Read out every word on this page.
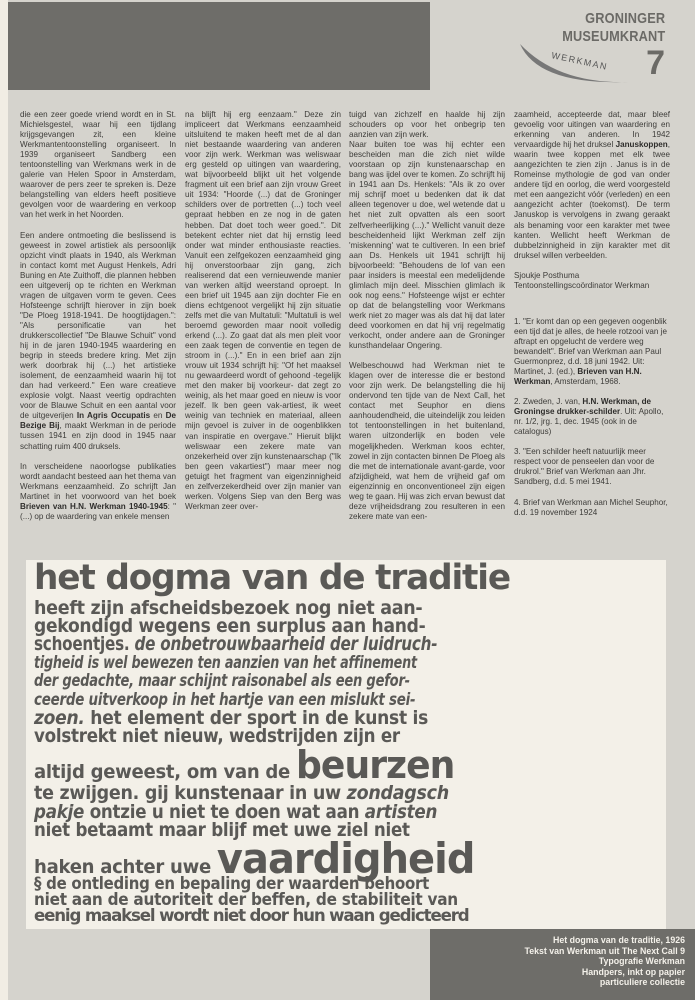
GRONINGER
MUSEUMKRANT
7
WERKMAN

die een zeer goede vriend wordt en in St. Michielsgestel, waar hij een tijdlang krijgsgevangen zit, een kleine Werkmantentoonstelling organiseert. In 1939 organiseert Sandberg een tentoonstelling van Werkmans werk in de galerie van Helen Spoor in Amsterdam, waarover de pers zeer te spreken is. Deze belangstelling van elders heeft positieve gevolgen voor de waardering en verkoop van het werk in het Noorden.

Een andere ontmoeting die beslissend is geweest in zowel artistiek als persoonlijk opzicht vindt plaats in 1940, als Werkman in contact komt met August Henkels, Adri Buning en Ate Zuithoff, die plannen hebben een uitgeverij op te richten en Werkman vragen de uitgaven vorm te geven. Cees Hofsteenge schrijft hierover in zijn boek "De Ploeg 1918-1941. De hoogtijdagen.": "Als personificatie van het drukkerscollectief "De Blauwe Schuit" vond hij in de jaren 1940-1945 waardering en begrip in steeds bredere kring. Met zijn werk doorbrak hij (...) het artistieke isolement, de eenzaamheid waarin hij tot dan had verkeerd." Een ware creatieve explosie volgt. Naast veertig opdrachten voor de Blauwe Schuit en een aantal voor de uitgeverijen In Agris Occupatis en De Bezige Bij, maakt Werkman in de periode tussen 1941 en zijn dood in 1945 naar schatting ruim 400 druksels.

In verscheidene naoorlogse publikaties wordt aandacht besteed aan het thema van Werkmans eenzaamheid. Zo schrijft Jan Martinet in het voorwoord van het boek Brieven van H.N. Werkman 1940-1945: "(...) op de waardering van enkele mensen

na blijft hij erg eenzaam." Deze zin impliceert dat Werkmans eenzaamheid uitsluitend te maken heeft met de al dan niet bestaande waardering van anderen voor zijn werk. Werkman was weliswaar erg gesteld op uitingen van waardering, wat bijvoorbeeld blijkt uit het volgende fragment uit een brief aan zijn vrouw Greet uit 1934: "Hoorde (...) dat de Groninger schilders over de portretten (...) toch veel gepraat hebben en ze nog in de gaten hebben. Dat doet toch weer goed.". Dit betekent echter niet dat hij ernstig leed onder wat minder enthousiaste reacties. Vanuit een zelfgekozen eenzaamheid ging hij onverstoorbaar zijn gang, zich realiserend dat een vernieuwende manier van werken altijd weerstand oproept. In een brief uit 1945 aan zijn dochter Fie en diens echtgenoot vergelijkt hij zijn situatie zelfs met die van Multatuli: "Multatuli is wel beroemd geworden maar nooit volledig erkend (...). Zo gaat dat als men pleit voor een zaak tegen de conventie en tegen de stroom in (...)." En in een brief aan zijn vrouw uit 1934 schrijft hij: "Of het maaksel nu gewaardeerd wordt of gehoond -tegelijk met den maker bij voorkeur- dat zegt zo weinig, als het maar goed en nieuw is voor jezelf. Ik ben geen vak-artiest, ik weet weinig van techniek en materiaal, alleen mijn gevoel is zuiver in de oogenblikken van inspiratie en overgave." Hieruit blijkt weliswaar een zekere mate van onzekerheid over zijn kunstenaarschap ("Ik ben geen vakartiest") maar meer nog getuigt het fragment van eigenzinnigheid en zelfverzekerdheid over zijn manier van werken. Volgens Siep van den Berg was Werkman zeer over-

tuigd van zichzelf en haalde hij zijn schouders op voor het onbegrip ten aanzien van zijn werk.

Naar buiten toe was hij echter een bescheiden man die zich niet wilde voorstaan op zijn kunstenaarschap en bang was ijdel over te komen. Zo schrijft hij in 1941 aan Ds. Henkels: "Als ik zo over mij schrijf moet u bedenken dat ik dat alleen tegenover u doe, wel wetende dat u het niet zult opvatten als een soort zelfverheerlijking (...)." Wellicht vanuit deze bescheidenheid lijkt Werkman zelf zijn 'miskenning' wat te cultiveren. In een brief aan Ds. Henkels uit 1941 schrijft hij bijvoorbeeld: "Behoudens de lof van een paar insiders is meestal een medelijdende glimlach mijn deel. Misschien glimlach ik ook nog eens." Hofsteenge wijst er echter op dat de belangstelling voor Werkmans werk niet zo mager was als dat hij dat later deed voorkomen en dat hij vrij regelmatig verkocht, onder andere aan de Groninger kunsthandelaar Ongering.

Welbeschouwd had Werkman niet te klagen over de interesse die er bestond voor zijn werk. De belangstelling die hij ondervond ten tijde van de Next Call, het contact met Seuphor en diens aanhoudendheid, die uiteindelijk zou leiden tot tentoonstellingen in het buitenland, waren uitzonderlijk en boden vele mogelijkheden. Werkman koos echter, zowel in zijn contacten binnen De Ploeg als die met de internationale avant-garde, voor afzijdigheid, wat hem de vrijheid gaf om eigenzinnig en onconventioneel zijn eigen weg te gaan. Hij was zich ervan bewust dat deze vrijheidsdrang zou resulteren in een zekere mate van een-

zaamheid, accepteerde dat, maar bleef gevoelig voor uitingen van waardering en erkenning van anderen. In 1942 vervaardigde hij het druksel Januskoppen, waarin twee koppen met elk twee aangezichten te zien zijn . Janus is in de Romeinse mythologie de god van onder andere tijd en oorlog, die werd voorgesteld met een aangezicht vóór (verleden) en een aangezicht achter (toekomst). De term Januskop is vervolgens in zwang geraakt als benaming voor een karakter met twee kanten. Wellicht heeft Werkman de dubbelzinnigheid in zijn karakter met dit druksel willen verbeelden.

Sjoukje Posthuma
Tentoonstellingscoördinator Werkman

1. "Er komt dan op een gegeven oogenblik een tijd dat je alles, de heele rotzooi van je aftrapt en opgelucht de verdere weg bewandelt". Brief van Werkman aan Paul Guermonprez, d.d. 18 juni 1942. Uit: Martinet, J. (ed.), Brieven van H.N. Werkman, Amsterdam, 1968.

2. Zweden, J. van, H.N. Werkman, de Groningse drukker-schilder. Uit: Apollo, nr. 1/2, jrg. 1, dec. 1945 (ook in de catalogus)

3. "Een schilder heeft natuurlijk meer respect voor de penseelen dan voor de drukrol." Brief van Werkman aan Jhr. Sandberg, d.d. 5 mei 1941.

4. Brief van Werkman aan Michel Seuphor, d.d. 19 november 1924

het dogma van de traditie
heeft zijn afscheidsbezoek nog niet aan-
gekondigd wegens een surplus aan hand-
schoentjes. de onbetrouwbaarheid der luidruch-
tigheid is wel bewezen ten aanzien van het affinement
der gedachte, maar schijnt raisonabel als een gefor-
ceerde uitverkoop in het hartje van een mislukt sei-
zoen. het element der sport in de kunst is
volstrekt niet nieuw, wedstrijden zijn er
altijd geweest, om van de beurzen
te zwijgen. gij kunstenaar in uw zondagsch
pakje ontzie u niet te doen wat aan artisten
niet betaamt maar blijf met uwe ziel niet
haken achter uwe vaardigheid
§ de ontleding en bepaling der waarden behoort
niet aan de autoriteit der beffen, de stabiliteit van
eenig maaksel wordt niet door hun waan gedicteerd
Het dogma van de traditie, 1926
Tekst van Werkman uit The Next Call 9
Typografie Werkman
Handpers, inkt op papier
particuliere collectie
